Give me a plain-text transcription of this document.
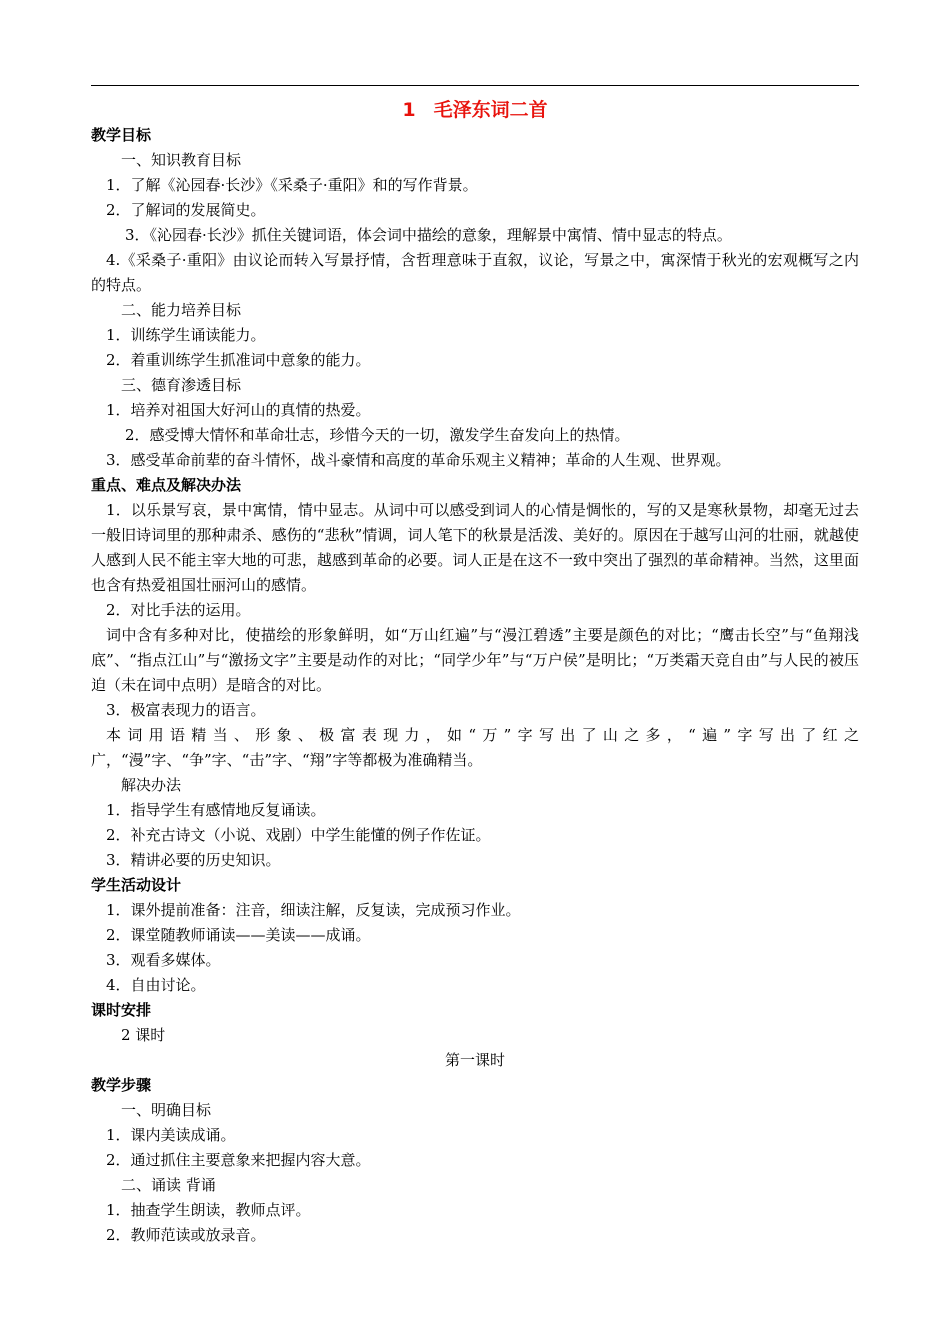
1 毛泽东词二首
教学目标
一、知识教育目标
1．了解《沁园春·长沙》《采桑子·重阳》和的写作背景。
2．了解词的发展简史。
3．《沁园春·长沙》抓住关键词语，体会词中描绘的意象，理解景中寓情、情中显志的特点。
4.《采桑子·重阳》由议论而转入写景抒情，含哲理意味于直叙，议论，写景之中，寓深情于秋光的宏观概写之内的特点。
二、能力培养目标
1．训练学生诵读能力。
2．着重训练学生抓准词中意象的能力。
三、德育渗透目标
1．培养对祖国大好河山的真情的热爱。
2．感受博大情怀和革命壮志，珍惜今天的一切，激发学生奋发向上的热情。
3．感受革命前辈的奋斗情怀，战斗豪情和高度的革命乐观主义精神；革命的人生观、世界观。
重点、难点及解决办法
1．以乐景写哀，景中寓情，情中显志。从词中可以感受到词人的心情是惆怅的，写的又是寒秋景物，却毫无过去一般旧诗词里的那种肃杀、感伤的“悲秋”情调，词人笔下的秋景是活泼、美好的。原因在于越写山河的壮丽，就越使人感到人民不能主宰大地的可悲，越感到革命的必要。词人正是在这不一致中突出了强烈的革命精神。当然，这里面也含有热爱祖国壮丽河山的感情。
2．对比手法的运用。
词中含有多种对比，使描绘的形象鲜明，如“万山红遍”与“漫江碧透”主要是颜色的对比；“鹰击长空”与“鱼翔浅底”、“指点江山”与“激扬文字”主要是动作的对比；“同学少年”与“万户侯”是明比；“万类霜天竞自由”与人民的被压迫（未在词中点明）是暗含的对比。
3．极富表现力的语言。
本词用语精当、形象、极富表现力，如“万”字写出了山之多，“遍”字写出了红之广，“漫”字、“争”字、“击”字、“翔”字等都极为准确精当。
解决办法
1．指导学生有感情地反复诵读。
2．补充古诗文（小说、戏剧）中学生能懂的例子作佐证。
3．精讲必要的历史知识。
学生活动设计
1．课外提前准备：注音，细读注解，反复读，完成预习作业。
2．课堂随教师诵读——美读——成诵。
3．观看多媒体。
4．自由讨论。
课时安排
2 课时
第一课时
教学步骤
一、明确目标
1．课内美读成诵。
2．通过抓住主要意象来把握内容大意。
二、诵读 背诵
1．抽查学生朗读，教师点评。
2．教师范读或放录音。
